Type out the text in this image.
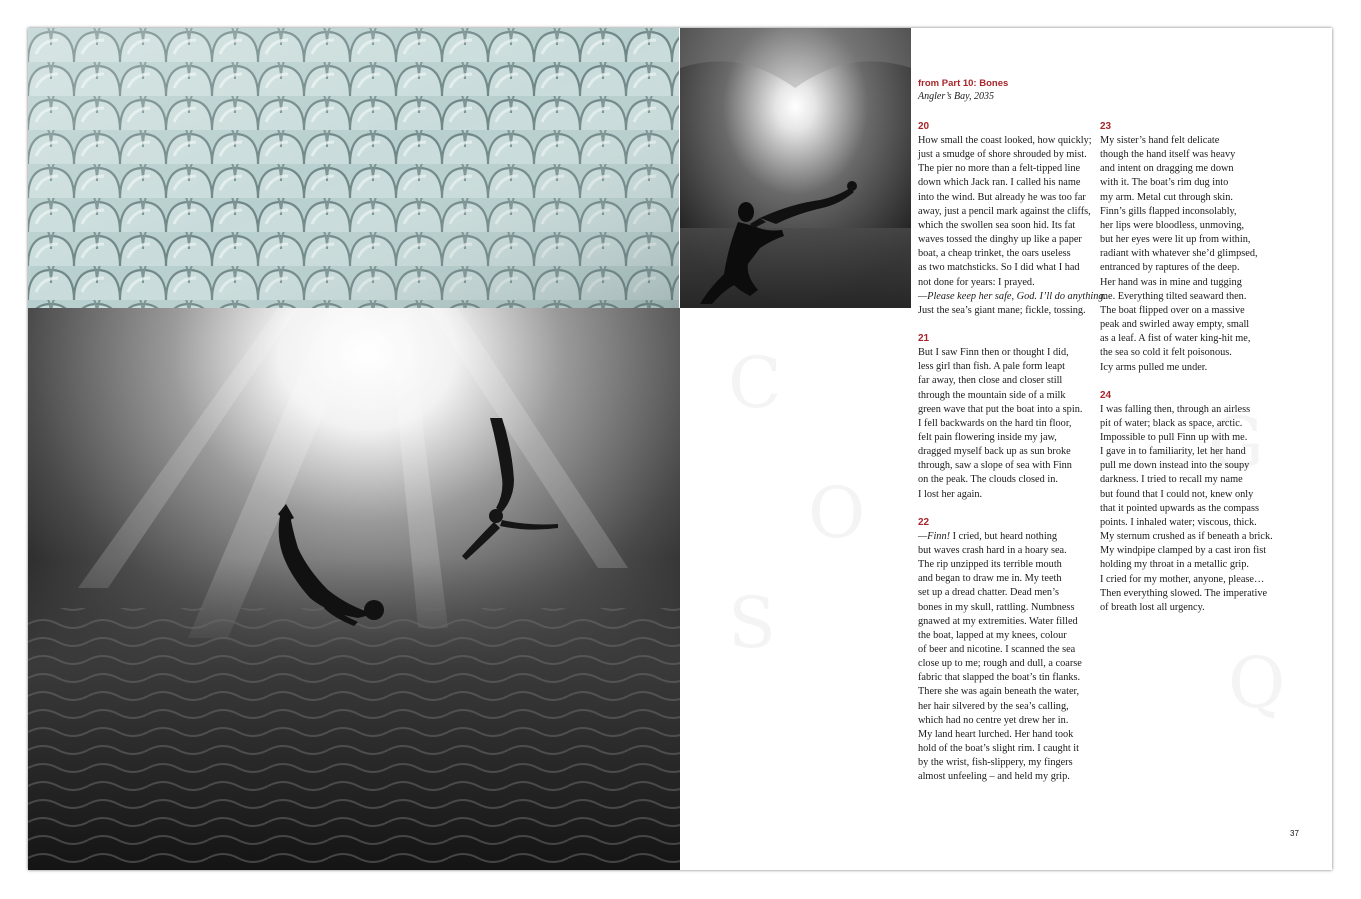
C
O
S
G
Q
from Part 10: Bones
Angler’s Bay, 2035
20
How small the coast looked, how quickly;
just a smudge of shore shrouded by mist.
The pier no more than a felt-tipped line
down which Jack ran. I called his name
into the wind. But already he was too far
away, just a pencil mark against the cliffs,
which the swollen sea soon hid. Its fat
waves tossed the dinghy up like a paper
boat, a cheap trinket, the oars useless
as two matchsticks. So I did what I had
not done for years: I prayed.
—Please keep her safe, God. I’ll do anything.
Just the sea’s giant mane; fickle, tossing.
21
But I saw Finn then or thought I did,
less girl than fish. A pale form leapt
far away, then close and closer still
through the mountain side of a milk
green wave that put the boat into a spin.
I fell backwards on the hard tin floor,
felt pain flowering inside my jaw,
dragged myself back up as sun broke
through, saw a slope of sea with Finn
on the peak. The clouds closed in.
I lost her again.
22
—Finn! I cried, but heard nothing
but waves crash hard in a hoary sea.
The rip unzipped its terrible mouth
and began to draw me in. My teeth
set up a dread chatter. Dead men’s
bones in my skull, rattling. Numbness
gnawed at my extremities. Water filled
the boat, lapped at my knees, colour
of beer and nicotine. I scanned the sea
close up to me; rough and dull, a coarse
fabric that slapped the boat’s tin flanks.
There she was again beneath the water,
her hair silvered by the sea’s calling,
which had no centre yet drew her in.
My land heart lurched. Her hand took
hold of the boat’s slight rim. I caught it
by the wrist, fish-slippery, my fingers
almost unfeeling – and held my grip.
23
My sister’s hand felt delicate
though the hand itself was heavy
and intent on dragging me down
with it. The boat’s rim dug into
my arm. Metal cut through skin.
Finn’s gills flapped inconsolably,
her lips were bloodless, unmoving,
but her eyes were lit up from within,
radiant with whatever she’d glimpsed,
entranced by raptures of the deep.
Her hand was in mine and tugging
me. Everything tilted seaward then.
The boat flipped over on a massive
peak and swirled away empty, small
as a leaf. A fist of water king-hit me,
the sea so cold it felt poisonous.
Icy arms pulled me under.
24
I was falling then, through an airless
pit of water; black as space, arctic.
Impossible to pull Finn up with me.
I gave in to familiarity, let her hand
pull me down instead into the soupy
darkness. I tried to recall my name
but found that I could not, knew only
that it pointed upwards as the compass
points. I inhaled water; viscous, thick.
My sternum crushed as if beneath a brick.
My windpipe clamped by a cast iron fist
holding my throat in a metallic grip.
I cried for my mother, anyone, please…
Then everything slowed. The imperative
of breath lost all urgency.
37
